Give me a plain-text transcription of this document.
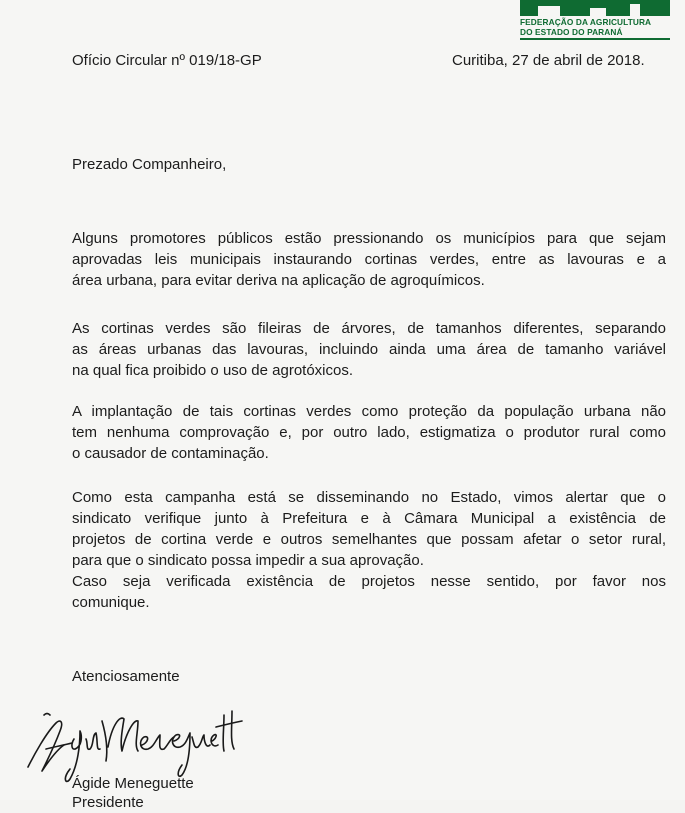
FEDERAÇÃO DA AGRICULTURA
DO ESTADO DO PARANÁ
Ofício Circular nº 019/18-GP	Curitiba, 27 de abril de 2018.
Prezado Companheiro,
Alguns promotores públicos estão pressionando os municípios para que sejam
aprovadas leis municipais instaurando cortinas verdes, entre as lavouras e a
área urbana, para evitar deriva na aplicação de agroquímicos.
As cortinas verdes são fileiras de árvores, de tamanhos diferentes, separando
as áreas urbanas das lavouras, incluindo ainda uma área de tamanho variável
na qual fica proibido o uso de agrotóxicos.
A implantação de tais cortinas verdes como proteção da população urbana não
tem nenhuma comprovação e, por outro lado, estigmatiza o produtor rural como
o causador de contaminação.
Como esta campanha está se disseminando no Estado, vimos alertar que o
sindicato verifique junto à Prefeitura e à Câmara Municipal a existência de
projetos de cortina verde e outros semelhantes que possam afetar o setor rural,
para que o sindicato possa impedir a sua aprovação.
Caso seja verificada existência de projetos nesse sentido, por favor nos
comunique.
Atenciosamente
Ágide Meneguette
Presidente
